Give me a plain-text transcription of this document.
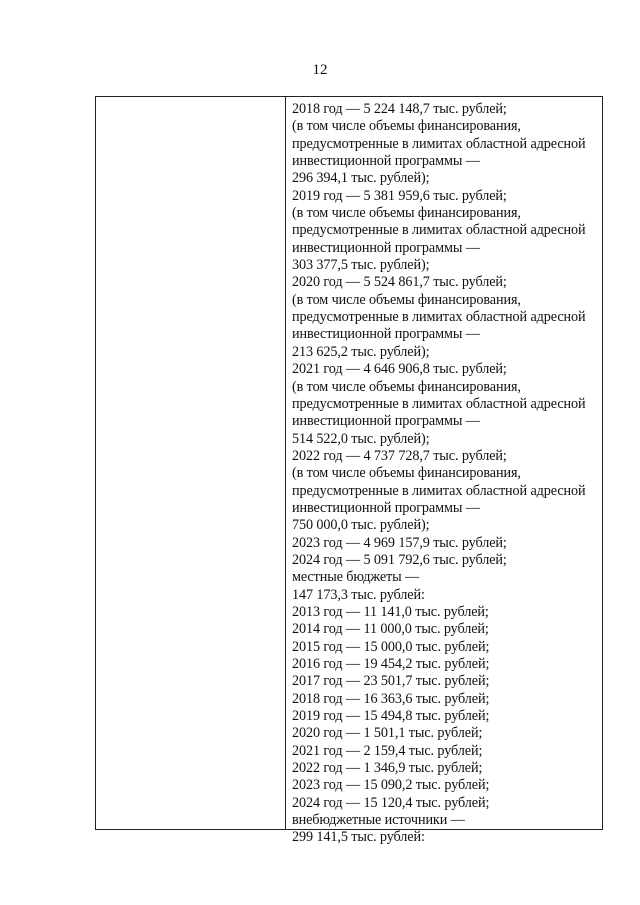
12
2018 год — 5 224 148,7 тыс. рублей;
(в том числе объемы финансирования,
предусмотренные в лимитах областной адресной
инвестиционной программы —
296 394,1 тыс. рублей);
2019 год — 5 381 959,6 тыс. рублей;
(в том числе объемы финансирования,
предусмотренные в лимитах областной адресной
инвестиционной программы —
303 377,5 тыс. рублей);
2020 год — 5 524 861,7 тыс. рублей;
(в том числе объемы финансирования,
предусмотренные в лимитах областной адресной
инвестиционной программы —
213 625,2 тыс. рублей);
2021 год — 4 646 906,8 тыс. рублей;
(в том числе объемы финансирования,
предусмотренные в лимитах областной адресной
инвестиционной программы —
514 522,0 тыс. рублей);
2022 год — 4 737 728,7 тыс. рублей;
(в том числе объемы финансирования,
предусмотренные в лимитах областной адресной
инвестиционной программы —
750 000,0 тыс. рублей);
2023 год — 4 969 157,9 тыс. рублей;
2024 год — 5 091 792,6 тыс. рублей;
местные бюджеты —
147 173,3 тыс. рублей:
2013 год — 11 141,0 тыс. рублей;
2014 год — 11 000,0 тыс. рублей;
2015 год — 15 000,0 тыс. рублей;
2016 год — 19 454,2 тыс. рублей;
2017 год — 23 501,7 тыс. рублей;
2018 год — 16 363,6 тыс. рублей;
2019 год — 15 494,8 тыс. рублей;
2020 год — 1 501,1 тыс. рублей;
2021 год — 2 159,4 тыс. рублей;
2022 год — 1 346,9 тыс. рублей;
2023 год — 15 090,2 тыс. рублей;
2024 год — 15 120,4 тыс. рублей;
внебюджетные источники —
299 141,5 тыс. рублей:
